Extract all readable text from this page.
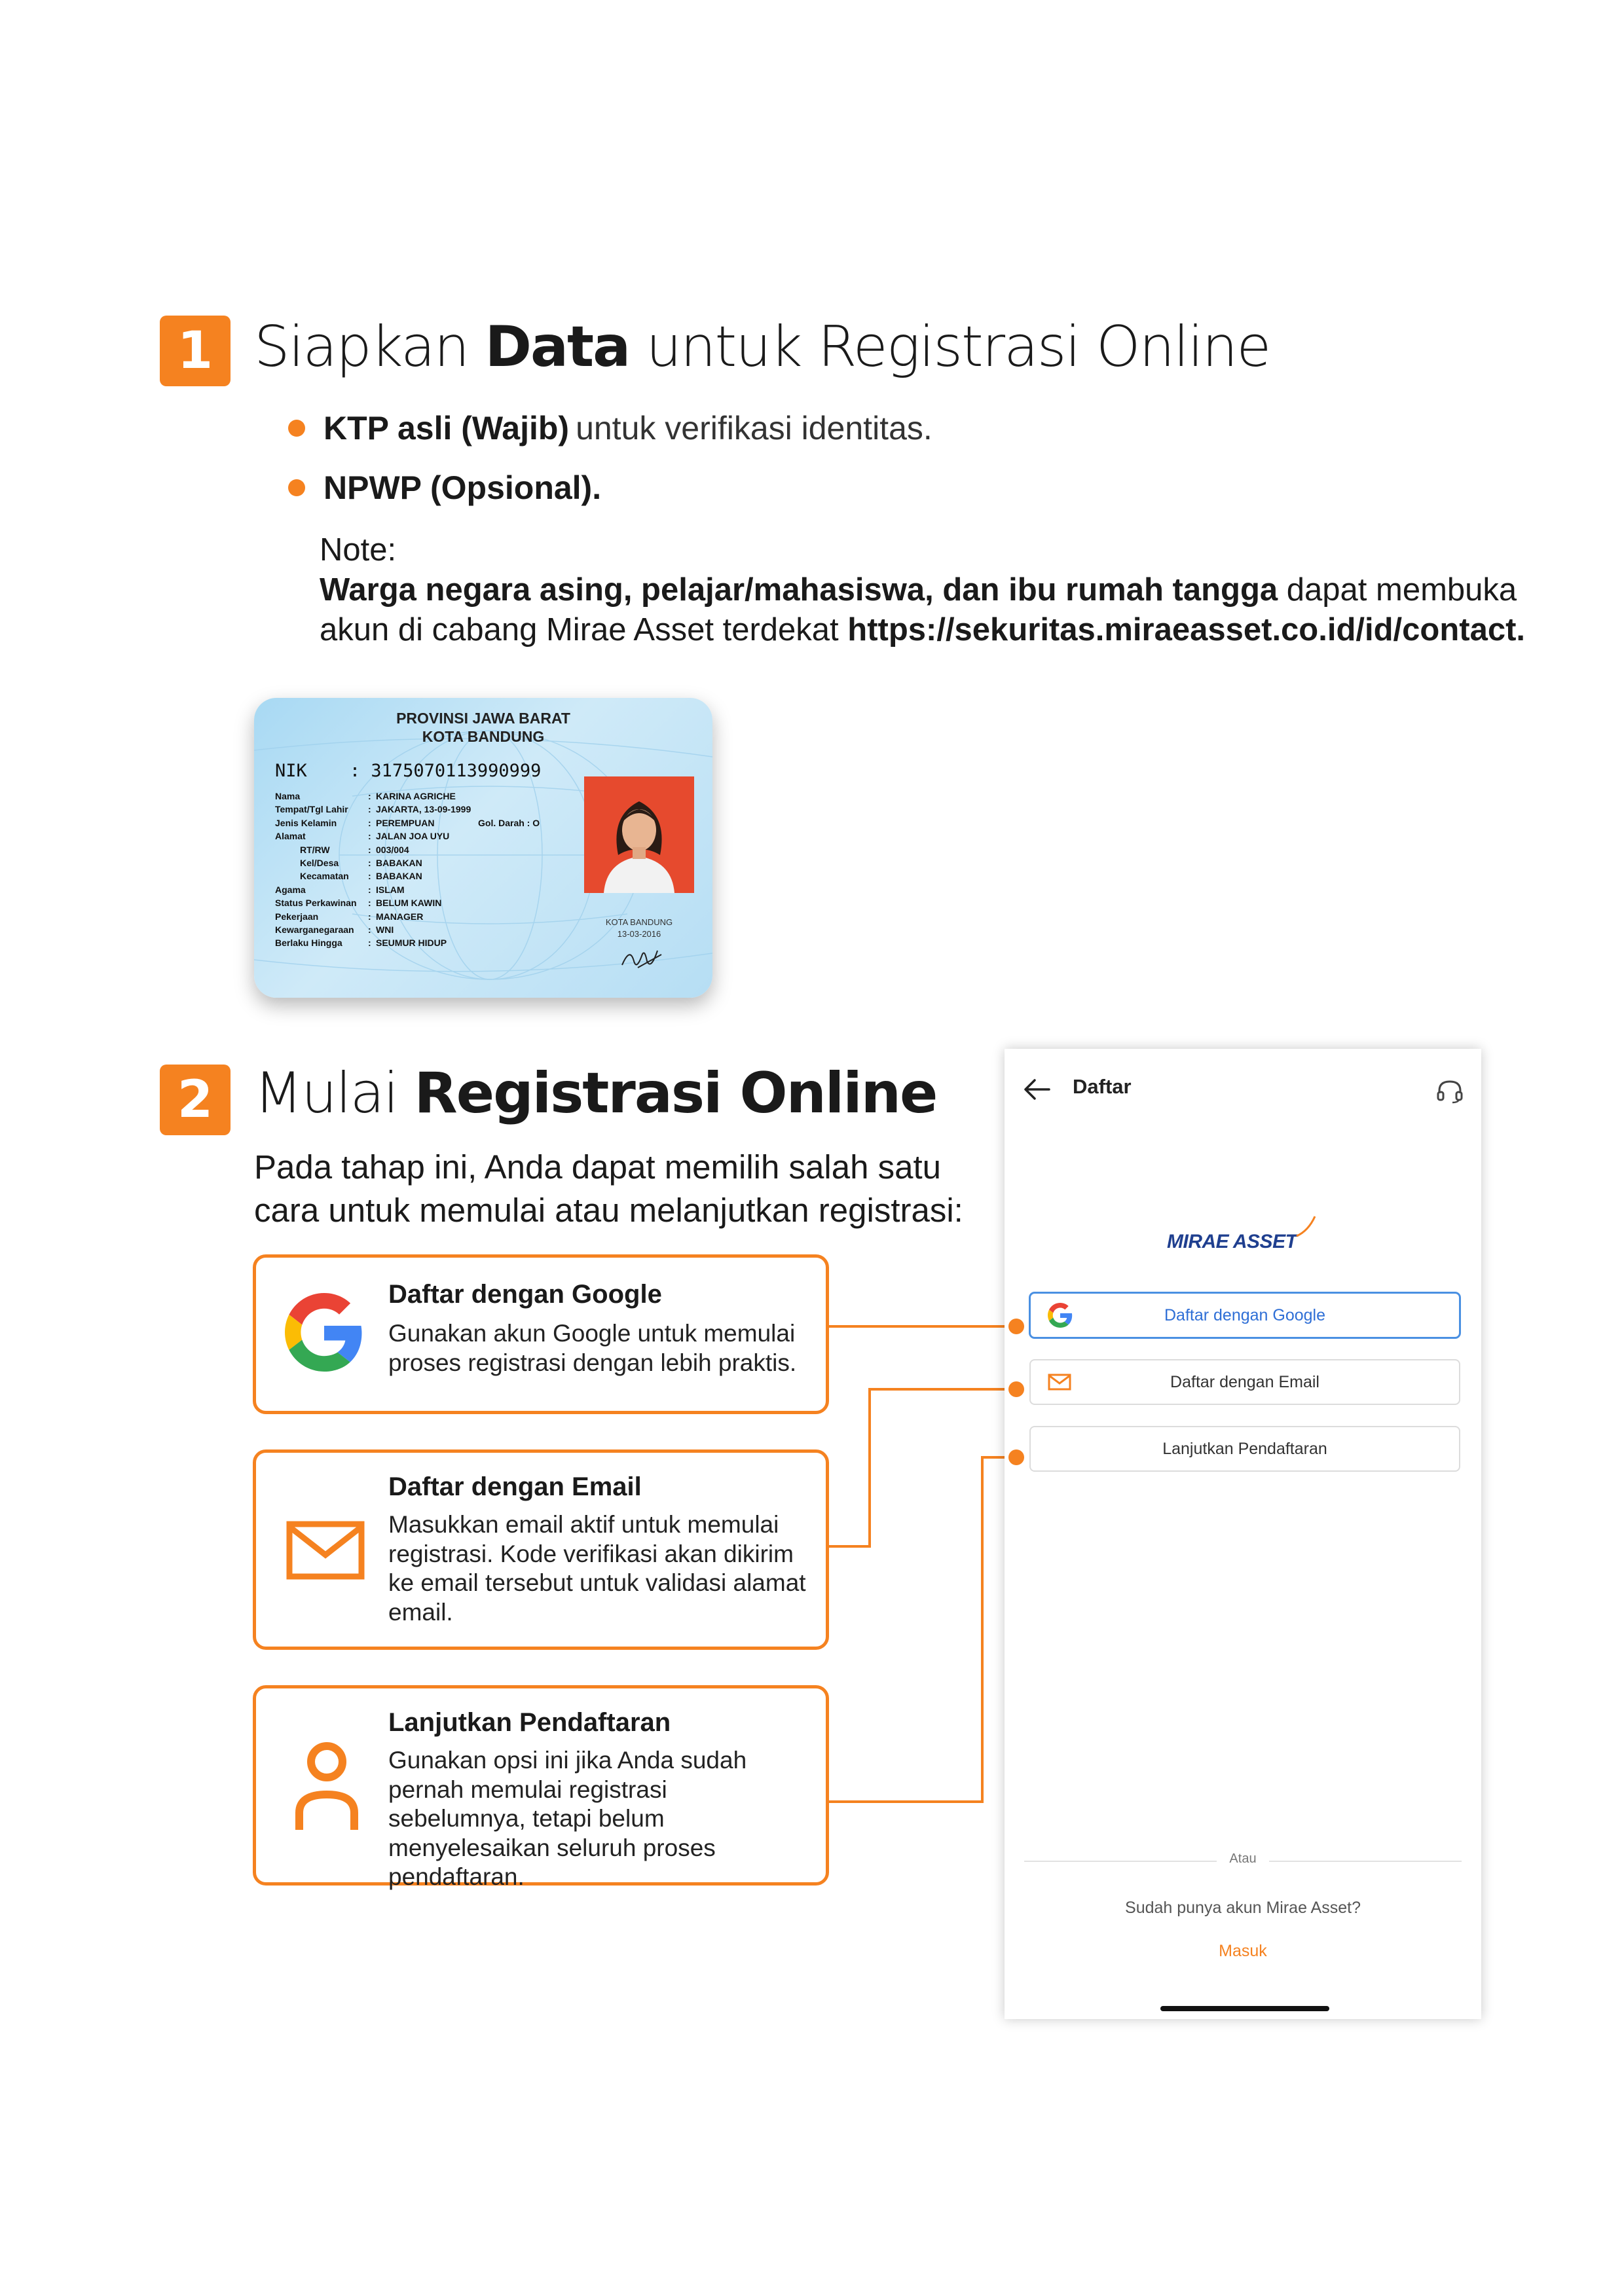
1 Siapkan Data untuk Registrasi Online
KTP asli (Wajib) untuk verifikasi identitas.
NPWP (Opsional).
Note:
Warga negara asing, pelajar/mahasiswa, dan ibu rumah tangga dapat membuka
akun di cabang Mirae Asset terdekat https://sekuritas.miraeasset.co.id/id/contact.
PROVINSI JAWA BARAT
KOTA BANDUNG
NIK : 3175070113990999
Nama	: KARINA AGRICHE
Tempat/Tgl Lahir	: JAKARTA, 13-09-1999
Jenis Kelamin	: PEREMPUAN	Gol. Darah : O
Alamat	: JALAN JOA UYU
RT/RW	: 003/004
Kel/Desa	: BABAKAN
Kecamatan	: BABAKAN
Agama	: ISLAM
Status Perkawinan	: BELUM KAWIN
Pekerjaan	: MANAGER
Kewarganegaraan	: WNI
Berlaku Hingga	: SEUMUR HIDUP
KOTA BANDUNG
13-03-2016
2 Mulai Registrasi Online
Pada tahap ini, Anda dapat memilih salah satu
cara untuk memulai atau melanjutkan registrasi:
Daftar dengan Google
Gunakan akun Google untuk memulai proses registrasi dengan lebih praktis.
Daftar dengan Email
Masukkan email aktif untuk memulai registrasi. Kode verifikasi akan dikirim ke email tersebut untuk validasi alamat email.
Lanjutkan Pendaftaran
Gunakan opsi ini jika Anda sudah pernah memulai registrasi sebelumnya, tetapi belum menyelesaikan seluruh proses pendaftaran.
Daftar
MIRAE ASSET
Daftar dengan Google
Daftar dengan Email
Lanjutkan Pendaftaran
Atau
Sudah punya akun Mirae Asset?
Masuk
